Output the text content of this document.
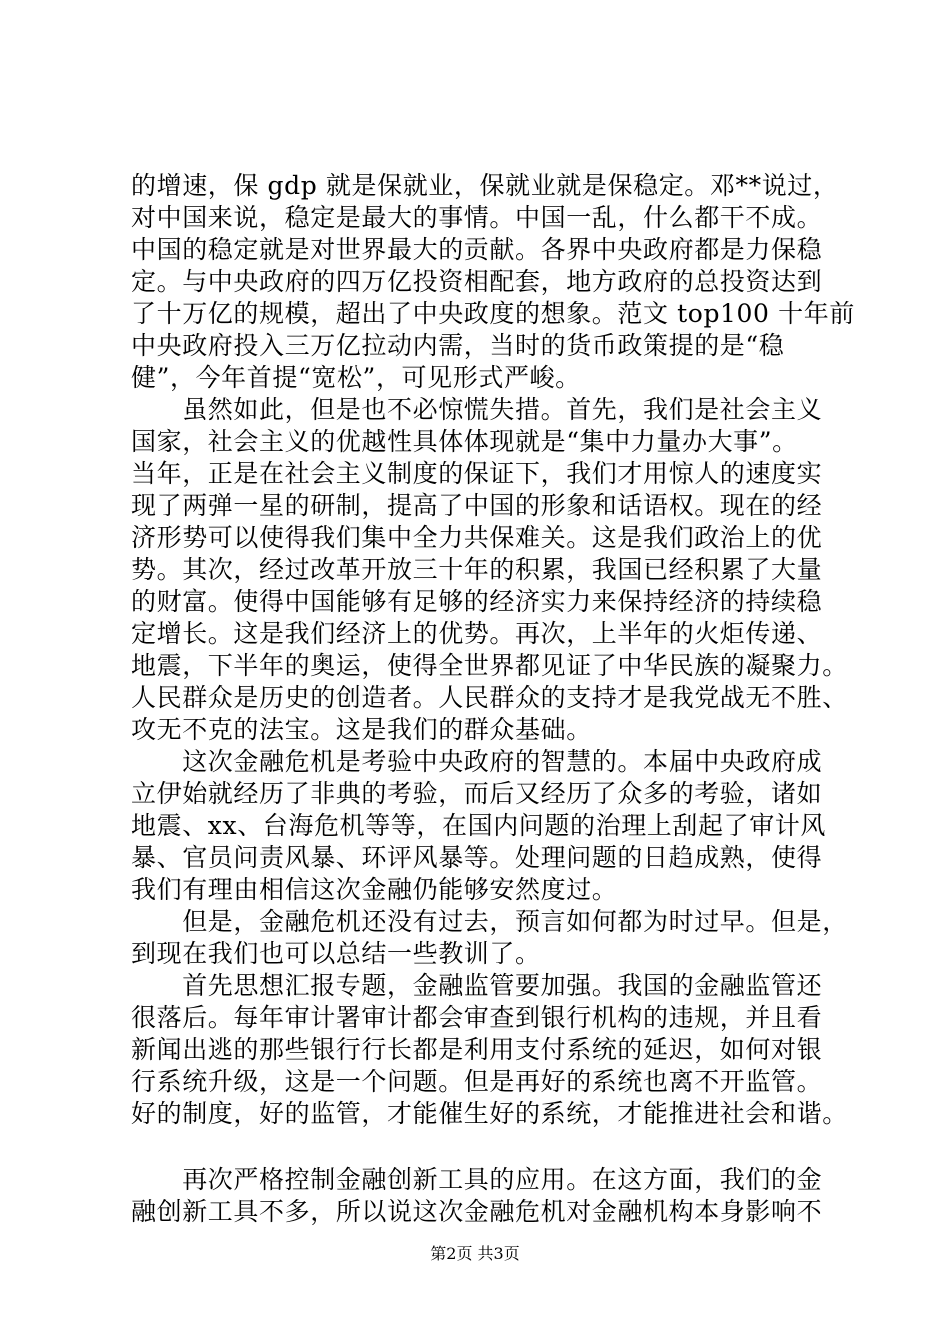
的增速，保 gdp 就是保就业，保就业就是保稳定。邓**说过，
对中国来说，稳定是最大的事情。中国一乱，什么都干不成。
中国的稳定就是对世界最大的贡献。各界中央政府都是力保稳
定。与中央政府的四万亿投资相配套，地方政府的总投资达到
了十万亿的规模，超出了中央政度的想象。范文 top100 十年前
中央政府投入三万亿拉动内需，当时的货币政策提的是“稳
健”，今年首提“宽松”，可见形式严峻。
　　虽然如此，但是也不必惊慌失措。首先，我们是社会主义
国家，社会主义的优越性具体体现就是“集中力量办大事”。
当年，正是在社会主义制度的保证下，我们才用惊人的速度实
现了两弹一星的研制，提高了中国的形象和话语权。现在的经
济形势可以使得我们集中全力共保难关。这是我们政治上的优
势。其次，经过改革开放三十年的积累，我国已经积累了大量
的财富。使得中国能够有足够的经济实力来保持经济的持续稳
定增长。这是我们经济上的优势。再次，上半年的火炬传递、
地震，下半年的奥运，使得全世界都见证了中华民族的凝聚力。
人民群众是历史的创造者。人民群众的支持才是我党战无不胜、
攻无不克的法宝。这是我们的群众基础。
　　这次金融危机是考验中央政府的智慧的。本届中央政府成
立伊始就经历了非典的考验，而后又经历了众多的考验，诸如
地震、xx、台海危机等等，在国内问题的治理上刮起了审计风
暴、官员问责风暴、环评风暴等。处理问题的日趋成熟，使得
我们有理由相信这次金融仍能够安然度过。
　　但是，金融危机还没有过去，预言如何都为时过早。但是，
到现在我们也可以总结一些教训了。
　　首先思想汇报专题，金融监管要加强。我国的金融监管还
很落后。每年审计署审计都会审查到银行机构的违规，并且看
新闻出逃的那些银行行长都是利用支付系统的延迟，如何对银
行系统升级，这是一个问题。但是再好的系统也离不开监管。
好的制度，好的监管，才能催生好的系统，才能推进社会和谐。
　　再次严格控制金融创新工具的应用。在这方面，我们的金
融创新工具不多，所以说这次金融危机对金融机构本身影响不
第2页 共3页
